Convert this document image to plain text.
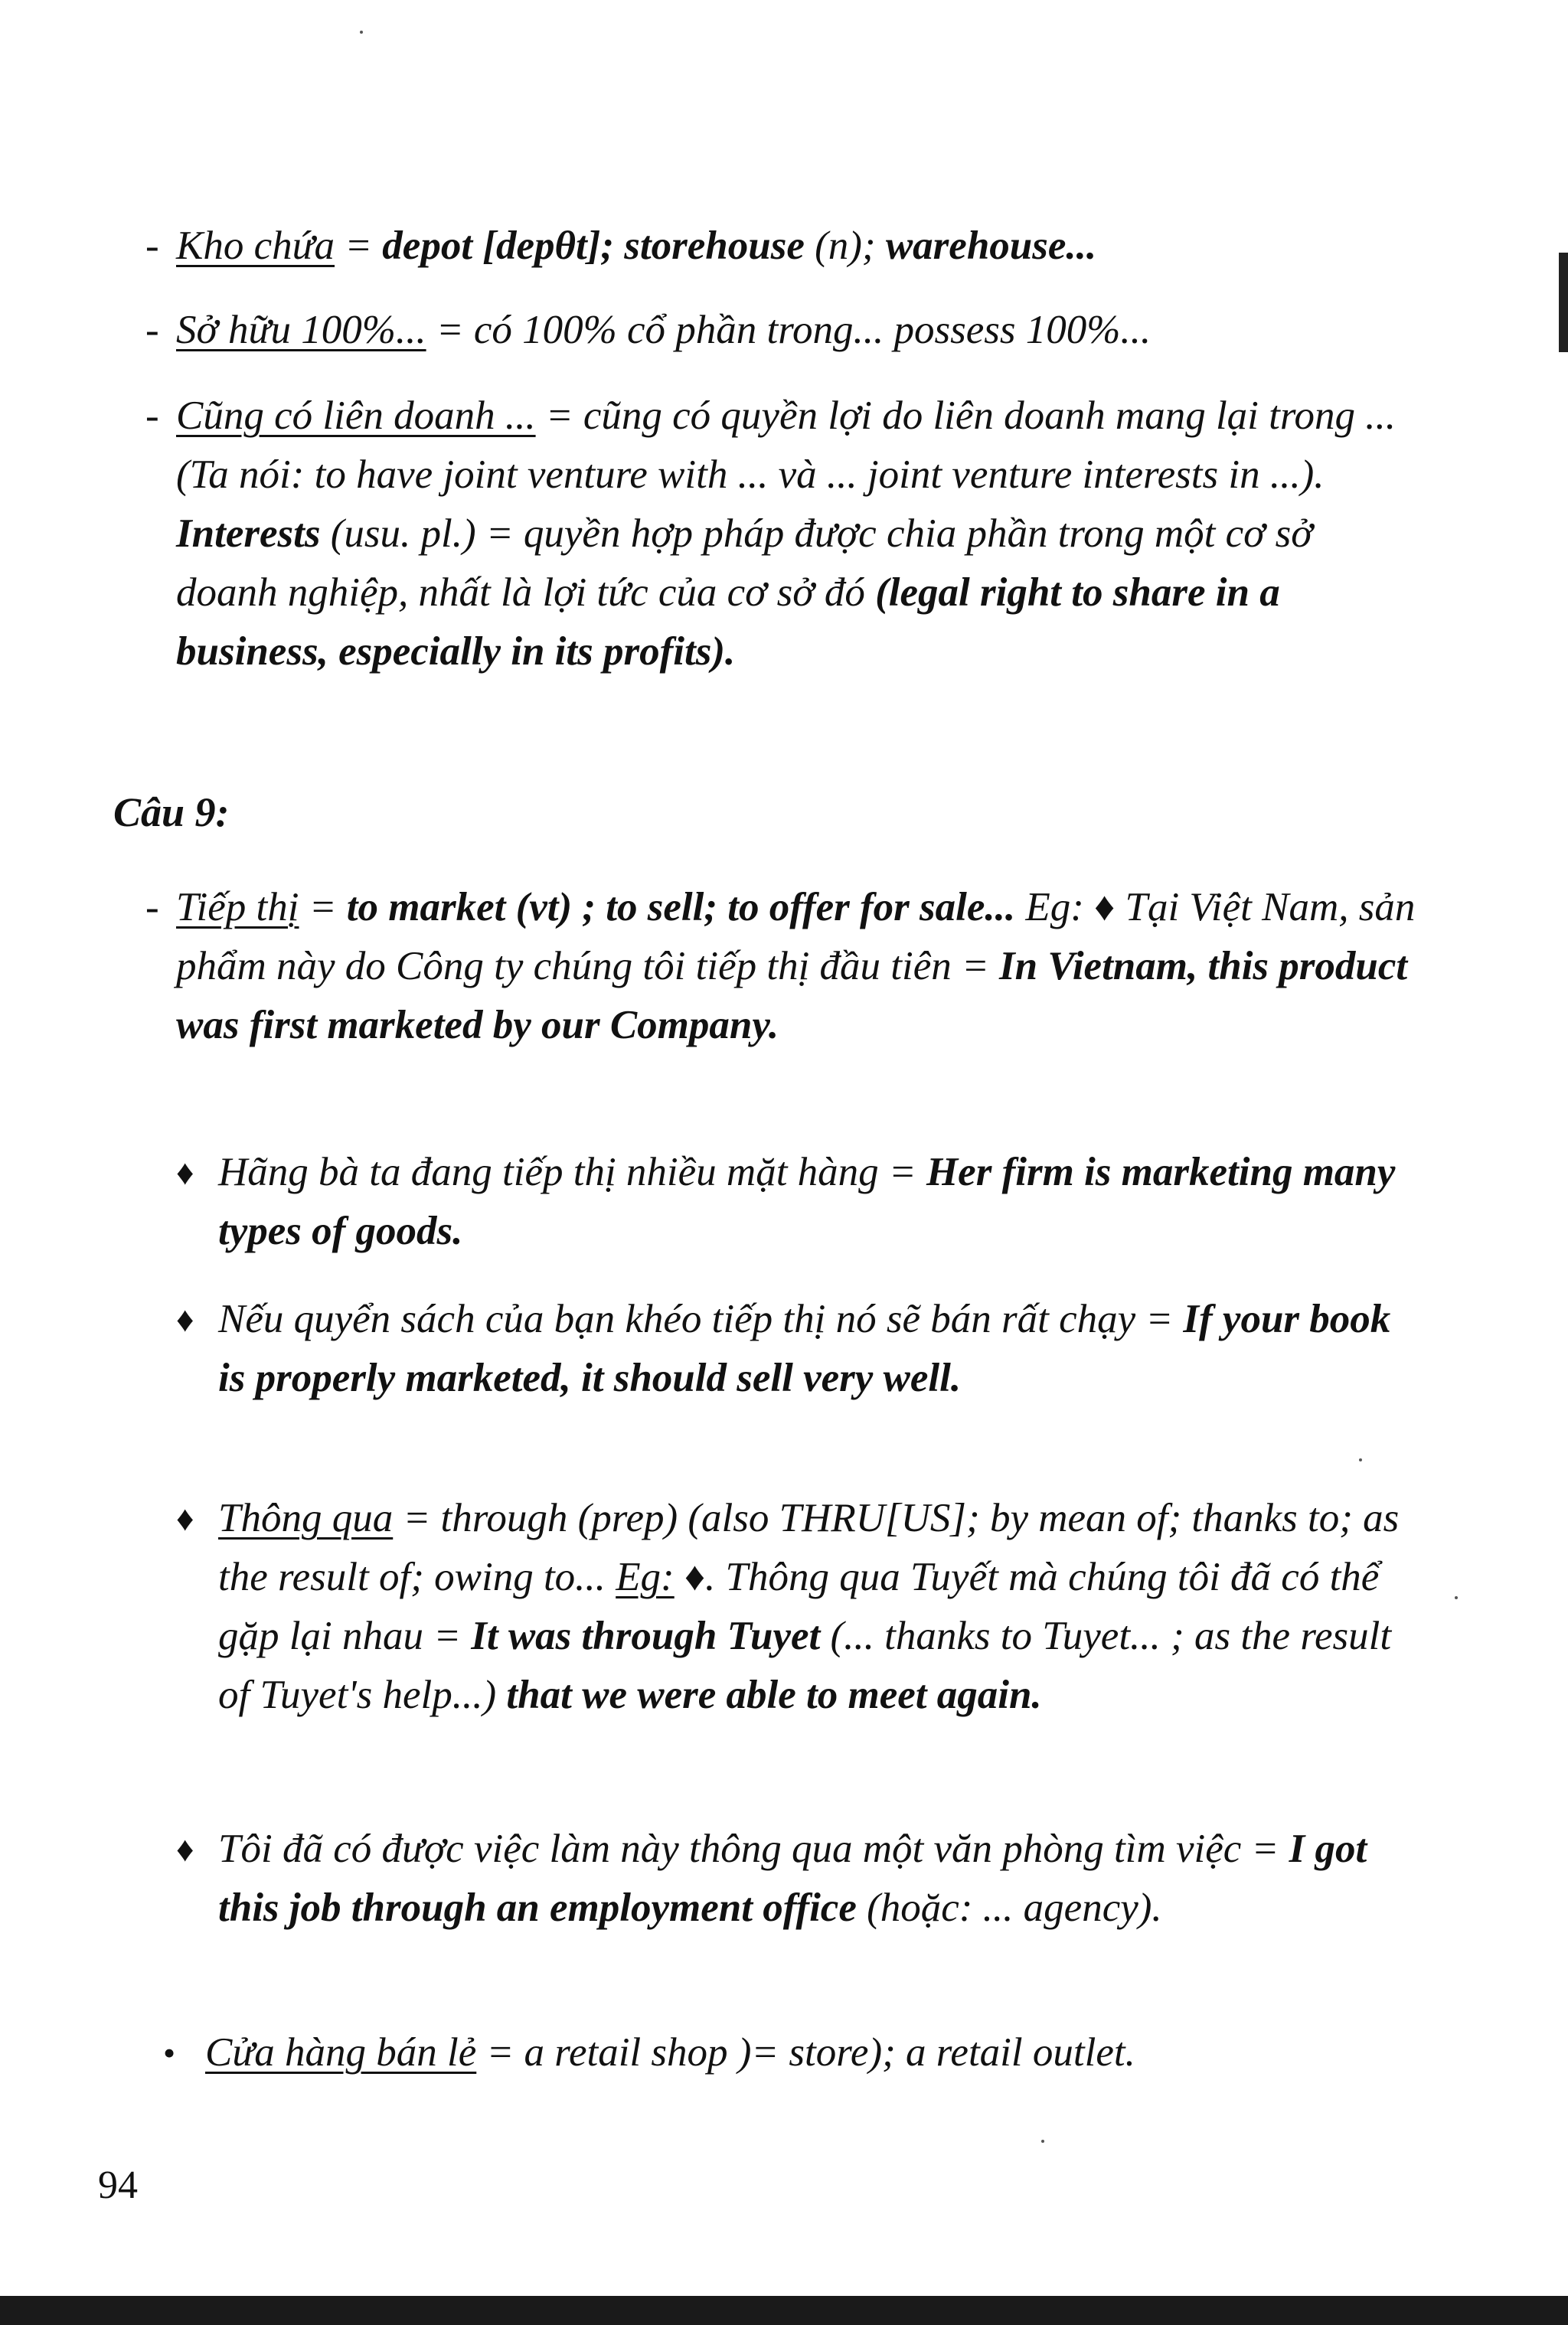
- Kho chứa = depot [depθt]; storehouse (n); warehouse...
- Sở hữu 100%... = có 100% cổ phần trong... possess 100%...
- Cũng có liên doanh ... = cũng có quyền lợi do liên doanh mang lại trong ... (Ta nói: to have joint venture with ... và ... joint venture interests in ...). Interests (usu. pl.) = quyền hợp pháp được chia phần trong một cơ sở doanh nghiệp, nhất là lợi tức của cơ sở đó (legal right to share in a business, especially in its profits).
Câu 9:
- Tiếp thị = to market (vt) ; to sell; to offer for sale... Eg: ♦ Tại Việt Nam, sản phẩm này do Công ty chúng tôi tiếp thị đầu tiên = In Vietnam, this product was first marketed by our Company.
♦ Hãng bà ta đang tiếp thị nhiều mặt hàng = Her firm is marketing many types of goods.
♦ Nếu quyển sách của bạn khéo tiếp thị nó sẽ bán rất chạy = If your book is properly marketed, it should sell very well.
♦ Thông qua = through (prep) (also THRU[US]; by mean of; thanks to; as the result of; owing to... Eg: ♦. Thông qua Tuyết mà chúng tôi đã có thể gặp lại nhau = It was through Tuyet (... thanks to Tuyet... ; as the result of Tuyet's help...) that we were able to meet again.
♦ Tôi đã có được việc làm này thông qua một văn phòng tìm việc = I got this job through an employment office (hoặc: ... agency).
• Cửa hàng bán lẻ = a retail shop )= store); a retail outlet.
94
